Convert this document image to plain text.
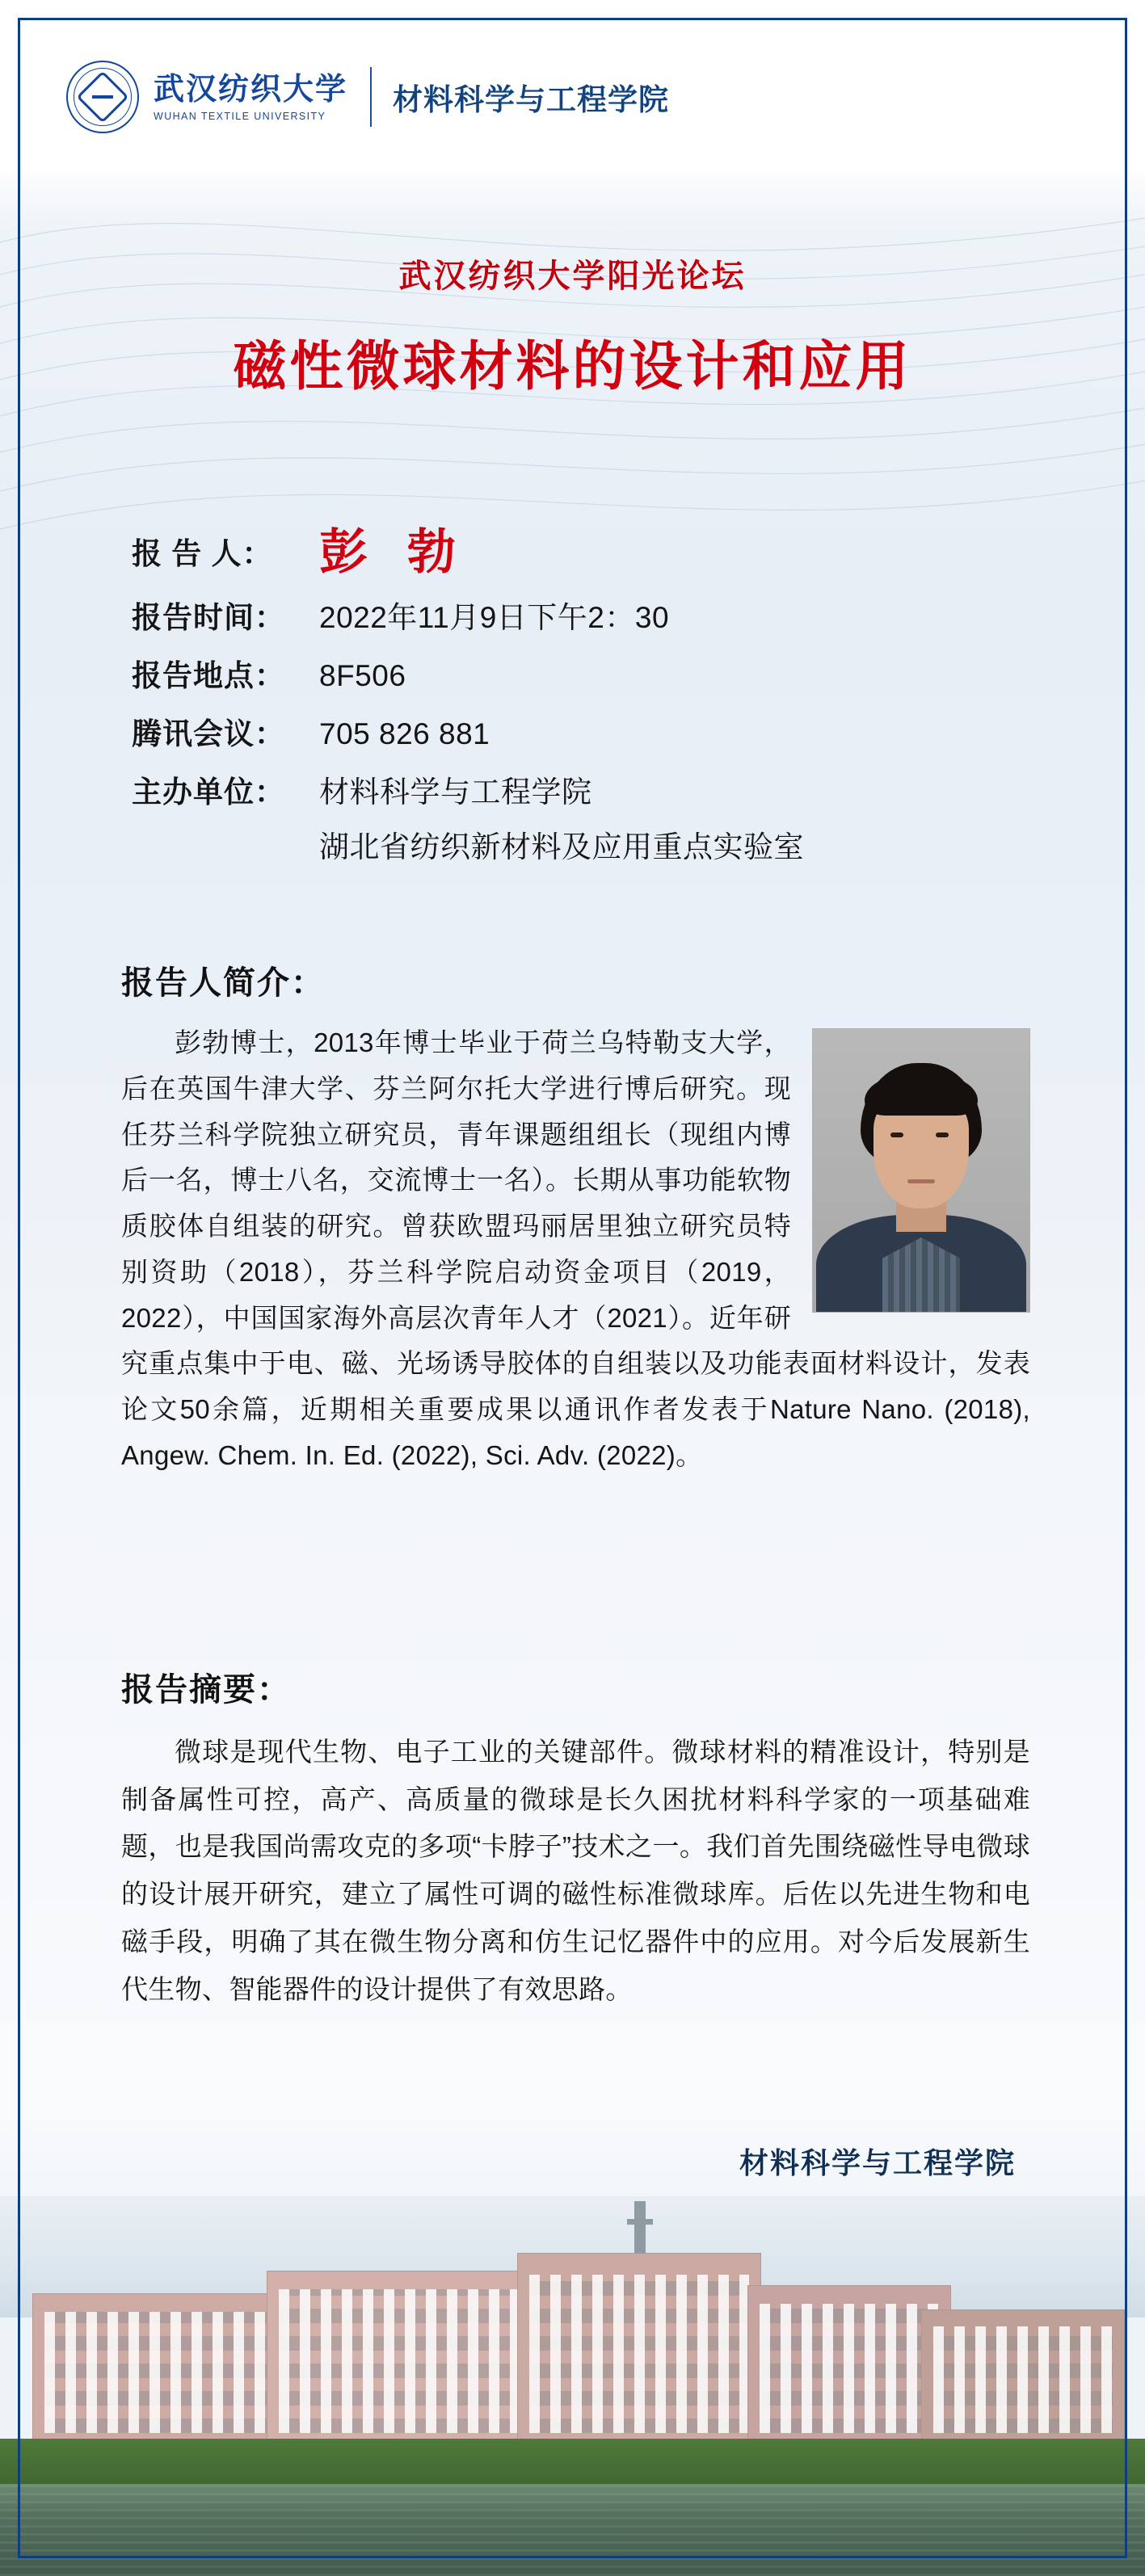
武汉纺织大学
WUHAN TEXTILE UNIVERSITY	材料科学与工程学院
武汉纺织大学阳光论坛
磁性微球材料的设计和应用
报 告 人： 彭 勃
报告时间：	2022年11月9日下午2：30
报告地点：	8F506
腾讯会议：	705 826 881
主办单位：	材料科学与工程学院
湖北省纺织新材料及应用重点实验室
报告人简介：
彭勃博士，2013年博士毕业于荷兰乌特勒支大学，后在英国牛津大学、芬兰阿尔托大学进行博后研究。现任芬兰科学院独立研究员，青年课题组组长（现组内博后一名，博士八名，交流博士一名）。长期从事功能软物质胶体自组装的研究。曾获欧盟玛丽居里独立研究员特别资助（2018），芬兰科学院启动资金项目（2019，2022），中国国家海外高层次青年人才（2021）。近年研究重点集中于电、磁、光场诱导胶体的自组装以及功能表面材料设计，发表论文50余篇，近期相关重要成果以通讯作者发表于Nature Nano. (2018), Angew. Chem. In. Ed. (2022), Sci. Adv. (2022)。
报告摘要：
微球是现代生物、电子工业的关键部件。微球材料的精准设计，特别是制备属性可控，高产、高质量的微球是长久困扰材料科学家的一项基础难题，也是我国尚需攻克的多项“卡脖子”技术之一。我们首先围绕磁性导电微球的设计展开研究，建立了属性可调的磁性标准微球库。后佐以先进生物和电磁手段，明确了其在微生物分离和仿生记忆器件中的应用。对今后发展新生代生物、智能器件的设计提供了有效思路。
材料科学与工程学院
